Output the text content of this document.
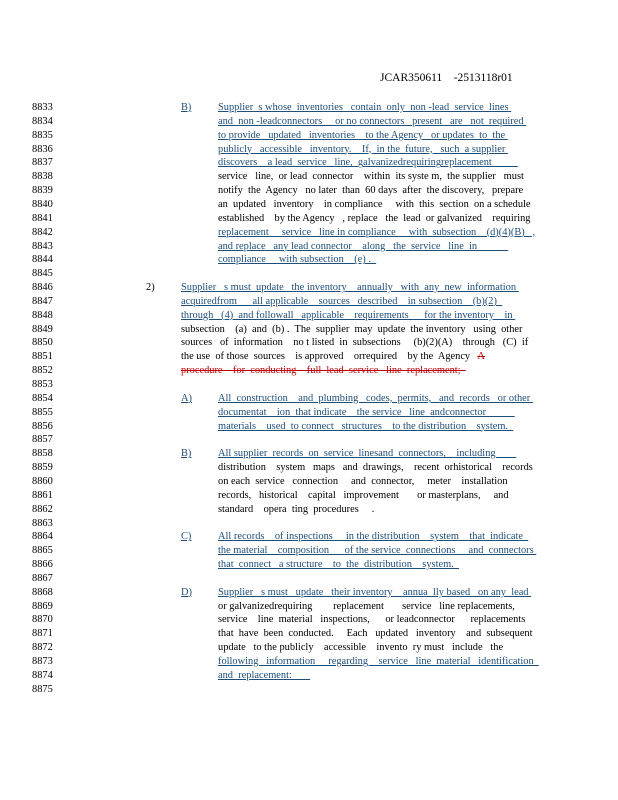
JCAR350611    -2513118r01
8833
8834
8835
8836
8837
8838
8839
8840
8841
8842
8843
8844
8845
8846
8847
8848
8849
8850
8851
8852
8853
8854
8855
8856
8857
8858
8859
8860
8861
8862
8863
8864
8865
8866
8867
8868
8869
8870
8871
8872
8873
8874
8875
B)	Supplier  s whose  inventories   contain  only  non -lead  service  lines
and  non -leadconnectors     or no connectors   present   are   not  required
to provide   updated   inventories    to the Agency   or updates  to  the
publicly   accessible   inventory.    If,  in the  future,   such  a supplier
discovers    a lead  service   line,  galvanizedrequiringreplacement
service   line,  or lead  connector    within  its syste m,  the supplier   must
notify  the  Agency   no later  than  60 days  after  the discovery,   prepare
an  updated   inventory    in compliance     with  this  section  on a schedule
established    by the Agency   , replace   the  lead  or galvanized    requiring
replacement     service   line in compliance     with  subsection    (d)(4)(B)   ,
and replace   any lead connector    along   the  service   line  in
compliance     with subsection    (e) .
2)	Supplier   s must  update   the inventory    annually   with  any  new  information
acquiredfrom      all applicable    sources   described    in subsection    (b)(2)
through   (4)  and followall   applicable    requirements      for the inventory    in
subsection    (a)  and  (b) .  The  supplier  may  update  the inventory   using  other
sources   of  information    no t listed  in  subsections     (b)(2)(A)    through   (C)  if
the use  of those  sources    is approved    orrequired    by the  Agency   A
procedure    for  conducting    full  lead  service   line  replacement;
A)	All  construction    and  plumbing   codes,  permits,   and  records   or other
documentat    ion  that indicate    the service   line  andconnector
materials    used  to connect   structures    to the distribution    system.
B)	All supplier  records  on  service  linesand  connectors,    including
distribution    system   maps   and  drawings,    recent  orhistorical    records
on each  service   connection     and  connector,     meter    installation
records,   historical    capital   improvement       or masterplans,     and
standard    opera  ting  procedures     .
C)	All records    of inspections     in the distribution    system    that  indicate
the material    composition      of the service  connections     and  connectors
that  connect   a structure    to  the  distribution    system.
D)	Supplier   s must   update   their inventory    annua  lly based   on any  lead
or galvanizedrequiring        replacement       service   line replacements,
service    line  material   inspections,      or leadconnector      replacements
that  have  been  conducted.     Each   updated   inventory    and  subsequent
update   to the publicly    accessible    invento  ry must   include   the
following   information     regarding    service   line  material   identification
and  replacement:
